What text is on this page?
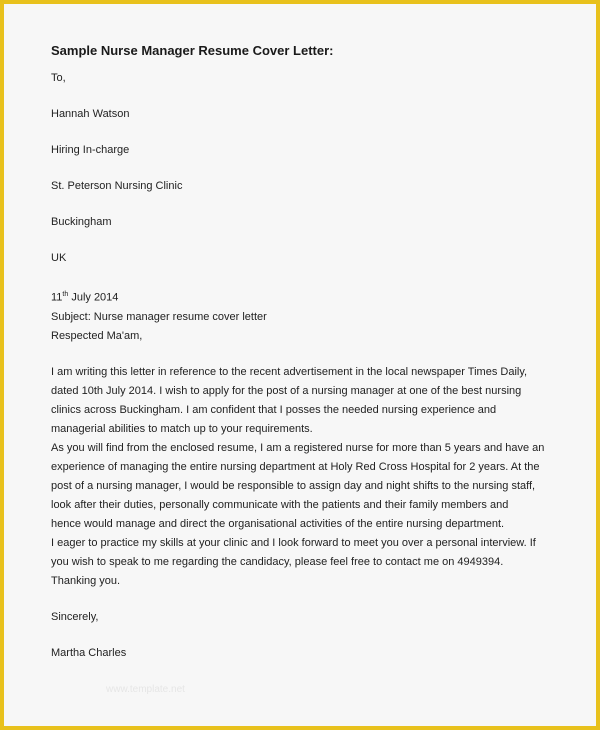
Sample Nurse Manager Resume Cover Letter:
To,
Hannah Watson
Hiring In-charge
St. Peterson Nursing Clinic
Buckingham
UK
11th July 2014
Subject: Nurse manager resume cover letter
Respected Ma'am,
I am writing this letter in reference to the recent advertisement in the local newspaper Times Daily,
dated 10th July 2014. I wish to apply for the post of a nursing manager at one of the best nursing
clinics across Buckingham. I am confident that I posses the needed nursing experience and
managerial abilities to match up to your requirements.
As you will find from the enclosed resume, I am a registered nurse for more than 5 years and have an
experience of managing the entire nursing department at Holy Red Cross Hospital for 2 years. At the
post of a nursing manager, I would be responsible to assign day and night shifts to the nursing staff,
look after their duties, personally communicate with the patients and their family members and
hence would manage and direct the organisational activities of the entire nursing department.
I eager to practice my skills at your clinic and I look forward to meet you over a personal interview. If
you wish to speak to me regarding the candidacy, please feel free to contact me on 4949394.
Thanking you.
Sincerely,
Martha Charles
www.template.net
